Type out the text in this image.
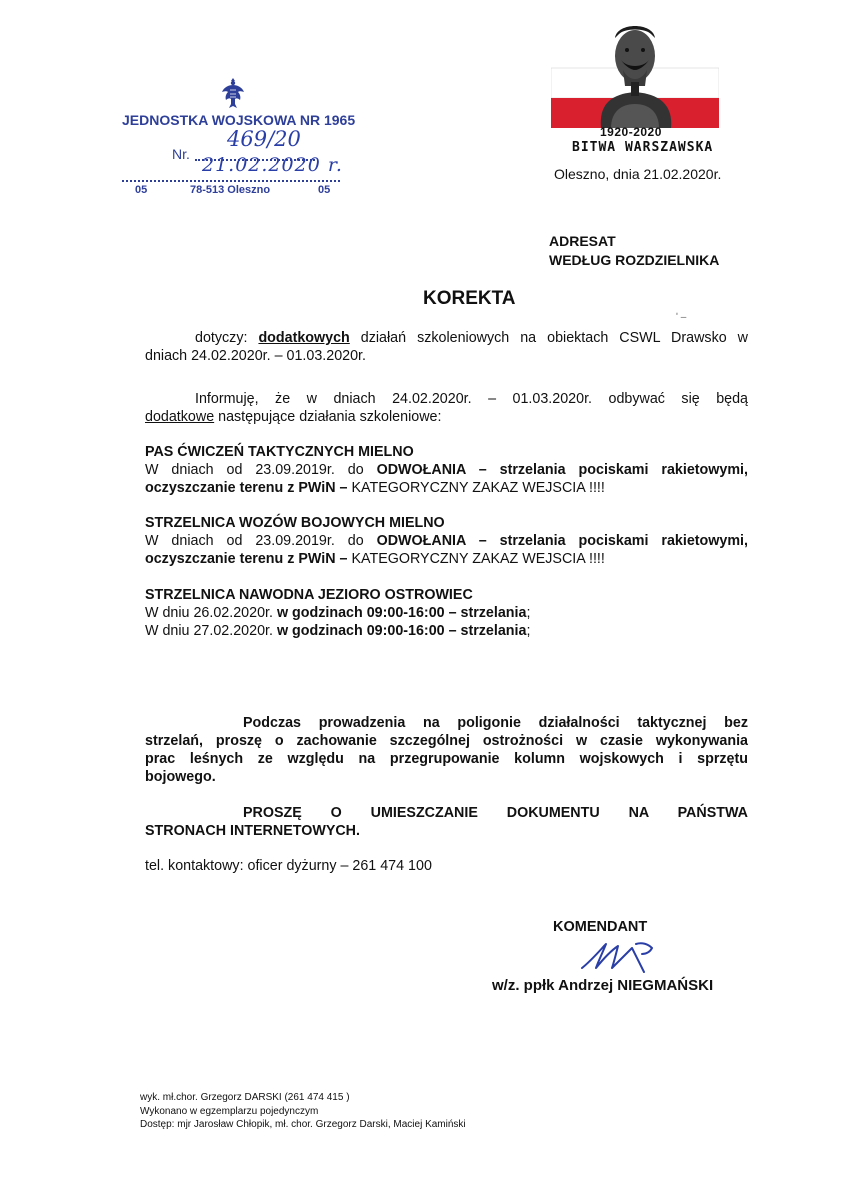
JEDNOSTKA WOJSKOWA NR 1965
Nr.
469/20
21.02.2020 r.
05	78-513 Oleszno	05
1920-2020
BITWA WARSZAWSKA
Oleszno, dnia 21.02.2020r.
ADRESAT
WEDŁUG ROZDZIELNIKA
KOREKTA
ʹ –
dotyczy: dodatkowych działań szkoleniowych na obiektach CSWL Drawsko w
dniach 24.02.2020r. – 01.03.2020r.
Informuję, że w dniach 24.02.2020r. – 01.03.2020r. odbywać się będą
dodatkowe następujące działania szkoleniowe:
PAS ĆWICZEŃ TAKTYCZNYCH MIELNO
W dniach od 23.09.2019r. do ODWOŁANIA – strzelania pociskami rakietowymi,
oczyszczanie terenu z PWiN – KATEGORYCZNY ZAKAZ WEJSCIA !!!!
STRZELNICA WOZÓW BOJOWYCH MIELNO
W dniach od 23.09.2019r. do ODWOŁANIA – strzelania pociskami rakietowymi,
oczyszczanie terenu z PWiN – KATEGORYCZNY ZAKAZ WEJSCIA !!!!
STRZELNICA NAWODNA JEZIORO OSTROWIEC
W dniu 26.02.2020r. w godzinach 09:00-16:00 – strzelania;
W dniu 27.02.2020r. w godzinach 09:00-16:00 – strzelania;
Podczas prowadzenia na poligonie działalności taktycznej bez
strzelań, proszę o zachowanie szczególnej ostrożności w czasie wykonywania
prac leśnych ze względu na przegrupowanie kolumn wojskowych i sprzętu
bojowego.
PROSZĘ O UMIESZCZANIE DOKUMENTU NA PAŃSTWA
STRONACH INTERNETOWYCH.
tel. kontaktowy: oficer dyżurny – 261 474 100
KOMENDANT
w/z. ppłk Andrzej NIEGMAŃSKI
wyk. mł.chor. Grzegorz DARSKI (261 474 415 )
Wykonano w egzemplarzu pojedynczym
Dostęp: mjr Jarosław Chłopik, mł. chor. Grzegorz Darski, Maciej Kamiński
